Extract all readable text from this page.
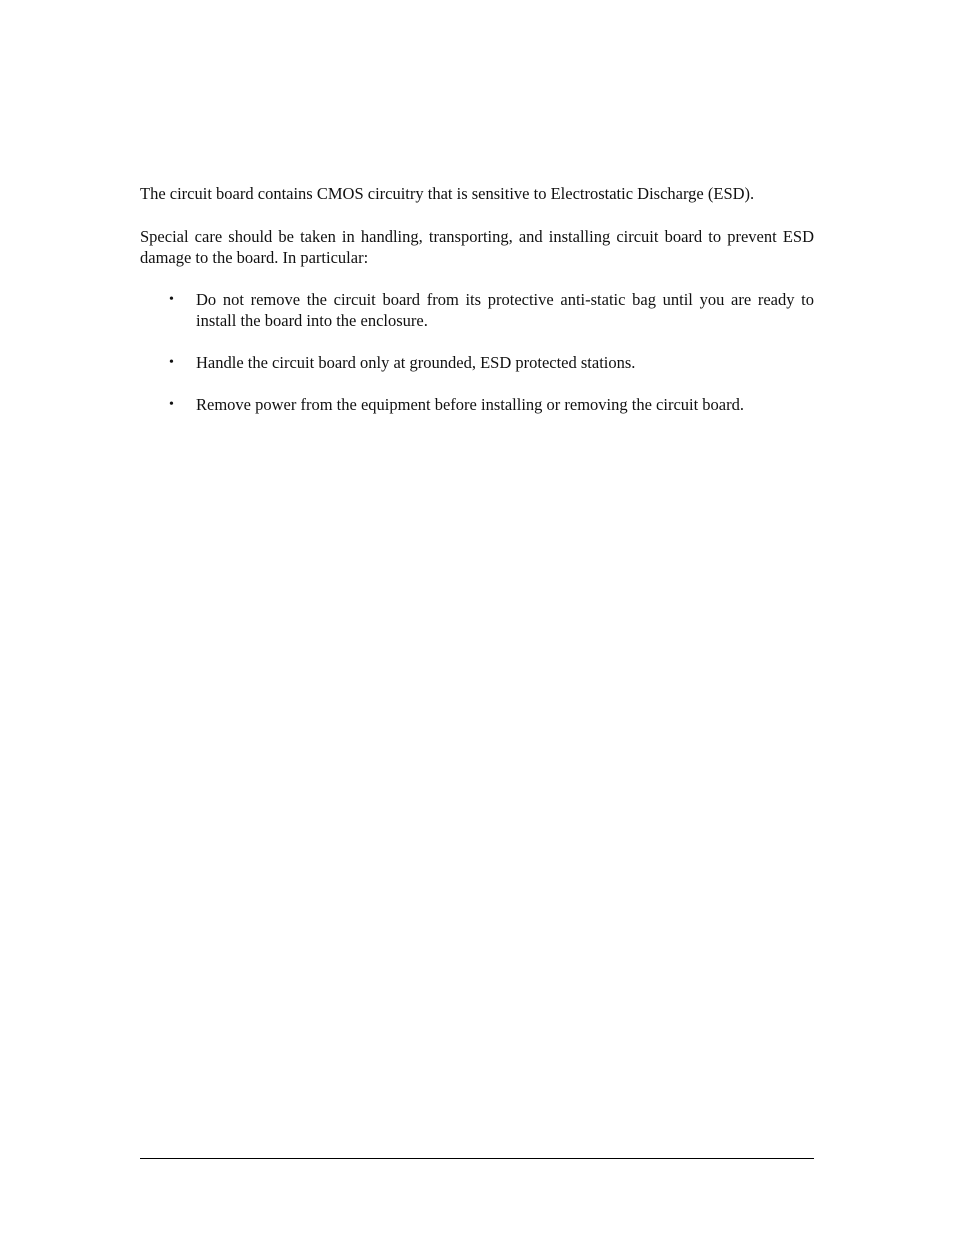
The circuit board contains CMOS circuitry that is sensitive to Electrostatic Discharge (ESD).

Special care should be taken in handling, transporting, and installing circuit board to prevent ESD damage to the board. In particular:

• Do not remove the circuit board from its protective anti-static bag until you are ready to install the board into the enclosure.
• Handle the circuit board only at grounded, ESD protected stations.
• Remove power from the equipment before installing or removing the circuit board.
